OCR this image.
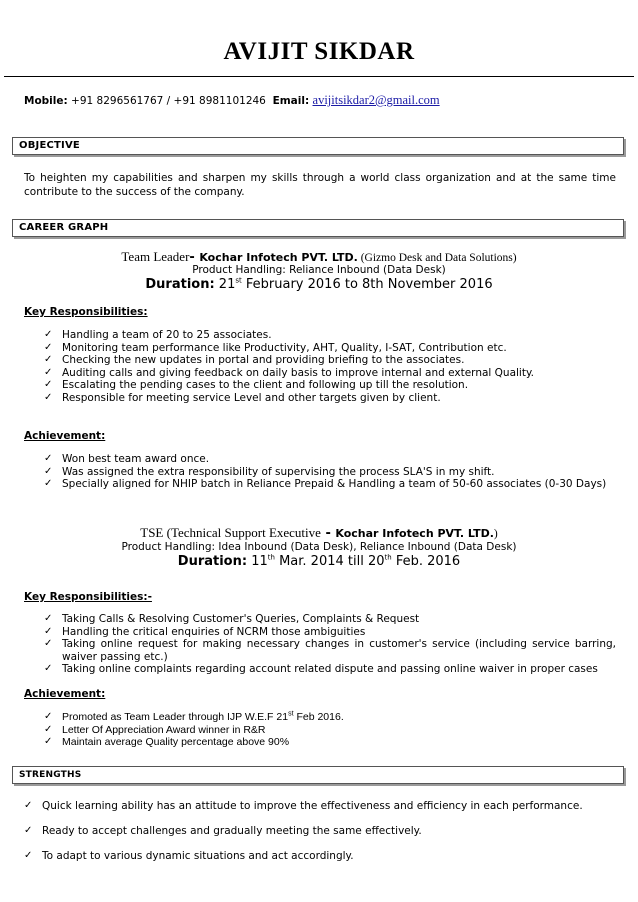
AVIJIT SIKDAR
Mobile: +91 8296561767 / +91 8981101246 Email: avijitsikdar2@gmail.com
OBJECTIVE
To heighten my capabilities and sharpen my skills through a world class organization and at the same time contribute to the success of the company.
CAREER GRAPH
Team Leader- Kochar Infotech PVT. LTD. (Gizmo Desk and Data Solutions)
Product Handling: Reliance Inbound (Data Desk)
Duration: 21st February 2016 to 8th November 2016
Key Responsibilities:
✓ Handling a team of 20 to 25 associates.
✓ Monitoring team performance like Productivity, AHT, Quality, I-SAT, Contribution etc.
✓ Checking the new updates in portal and providing briefing to the associates.
✓ Auditing calls and giving feedback on daily basis to improve internal and external Quality.
✓ Escalating the pending cases to the client and following up till the resolution.
✓ Responsible for meeting service Level and other targets given by client.
Achievement:
✓ Won best team award once.
✓ Was assigned the extra responsibility of supervising the process SLA'S in my shift.
✓ Specially aligned for NHIP batch in Reliance Prepaid & Handling a team of 50-60 associates (0-30 Days)
TSE (Technical Support Executive - Kochar Infotech PVT. LTD.)
Product Handling: Idea Inbound (Data Desk), Reliance Inbound (Data Desk)
Duration: 11th Mar. 2014 till 20th Feb. 2016
Key Responsibilities:-
✓ Taking Calls & Resolving Customer's Queries, Complaints & Request
✓ Handling the critical enquiries of NCRM those ambiguities
✓ Taking online request for making necessary changes in customer's service (including service barring, waiver passing etc.)
✓ Taking online complaints regarding account related dispute and passing online waiver in proper cases
Achievement:
✓ Promoted as Team Leader through IJP W.E.F 21st Feb 2016.
✓ Letter Of Appreciation Award winner in R&R
✓ Maintain average Quality percentage above 90%
STRENGTHS
✓ Quick learning ability has an attitude to improve the effectiveness and efficiency in each performance.
✓ Ready to accept challenges and gradually meeting the same effectively.
✓ To adapt to various dynamic situations and act accordingly.
